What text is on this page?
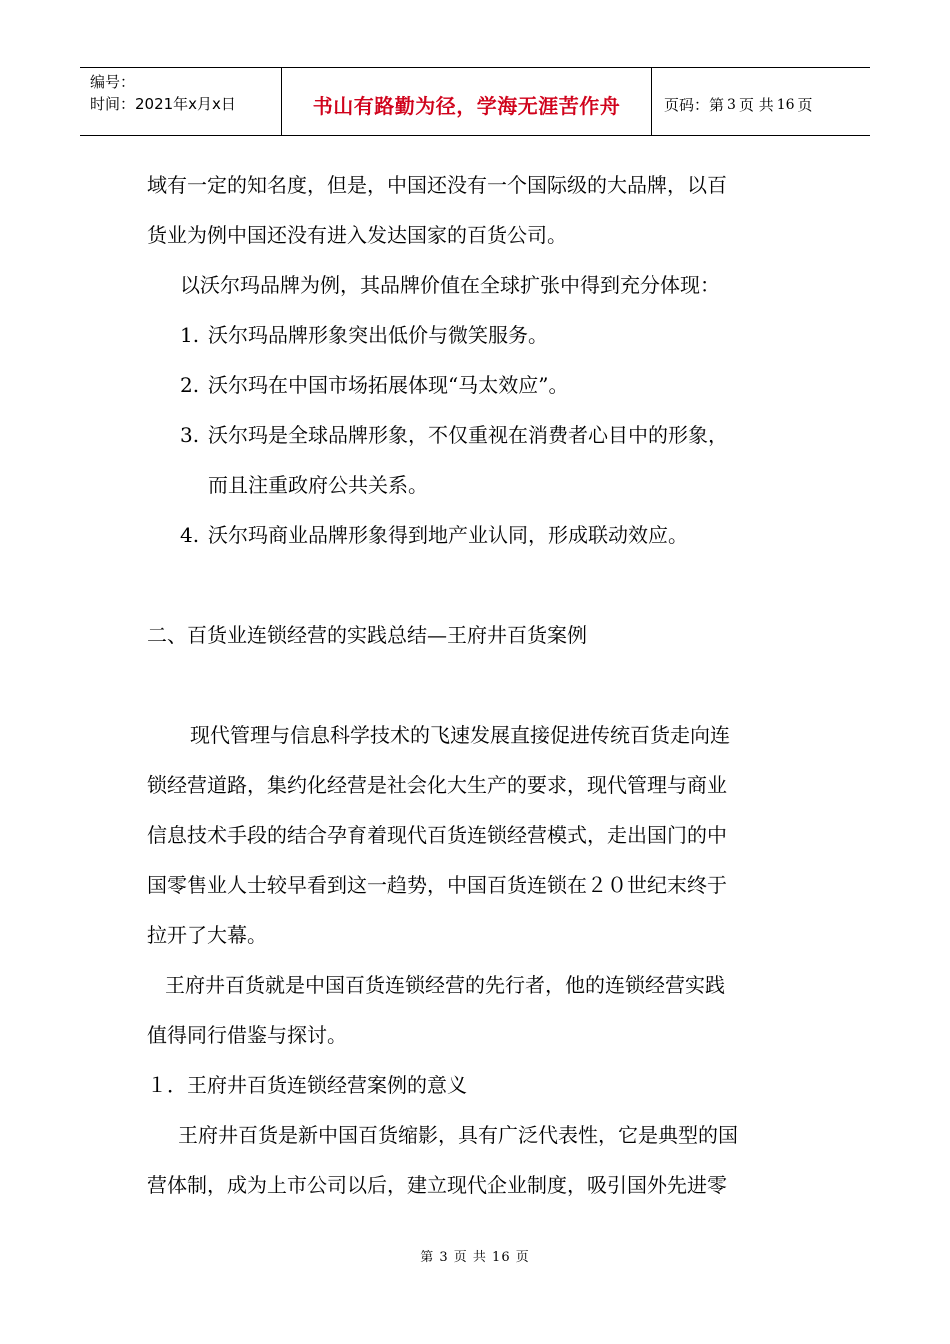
编号：
时间：2021年x月x日	书山有路勤为径，学海无涯苦作舟	页码：第 3 页 共 16 页
域有一定的知名度，但是，中国还没有一个国际级的大品牌，以百
货业为例中国还没有进入发达国家的百货公司。
以沃尔玛品牌为例，其品牌价值在全球扩张中得到充分体现：
1. 沃尔玛品牌形象突出低价与微笑服务。
2. 沃尔玛在中国市场拓展体现“马太效应”。
3. 沃尔玛是全球品牌形象，不仅重视在消费者心目中的形象，
而且注重政府公共关系。
4. 沃尔玛商业品牌形象得到地产业认同，形成联动效应。
二、百货业连锁经营的实践总结—王府井百货案例
现代管理与信息科学技术的飞速发展直接促进传统百货走向连
锁经营道路，集约化经营是社会化大生产的要求，现代管理与商业
信息技术手段的结合孕育着现代百货连锁经营模式，走出国门的中
国零售业人士较早看到这一趋势，中国百货连锁在２０世纪末终于
拉开了大幕。
王府井百货就是中国百货连锁经营的先行者，他的连锁经营实践
值得同行借鉴与探讨。
１．王府井百货连锁经营案例的意义
王府井百货是新中国百货缩影，具有广泛代表性，它是典型的国
营体制，成为上市公司以后，建立现代企业制度，吸引国外先进零
第 3 页 共 16 页
